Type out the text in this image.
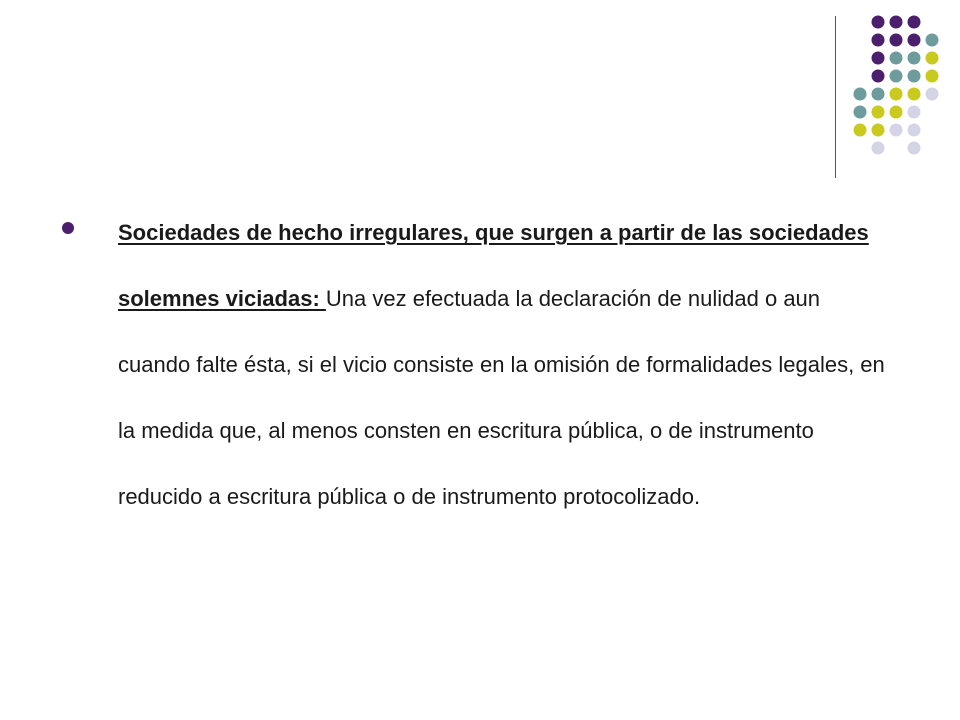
Sociedades de hecho irregulares, que surgen a partir de las sociedades solemnes viciadas: Una vez efectuada la declaración de nulidad o aun cuando falte ésta, si el vicio consiste en la omisión de formalidades legales, en la medida que, al menos consten en escritura pública, o de instrumento reducido a escritura pública o de instrumento protocolizado.
